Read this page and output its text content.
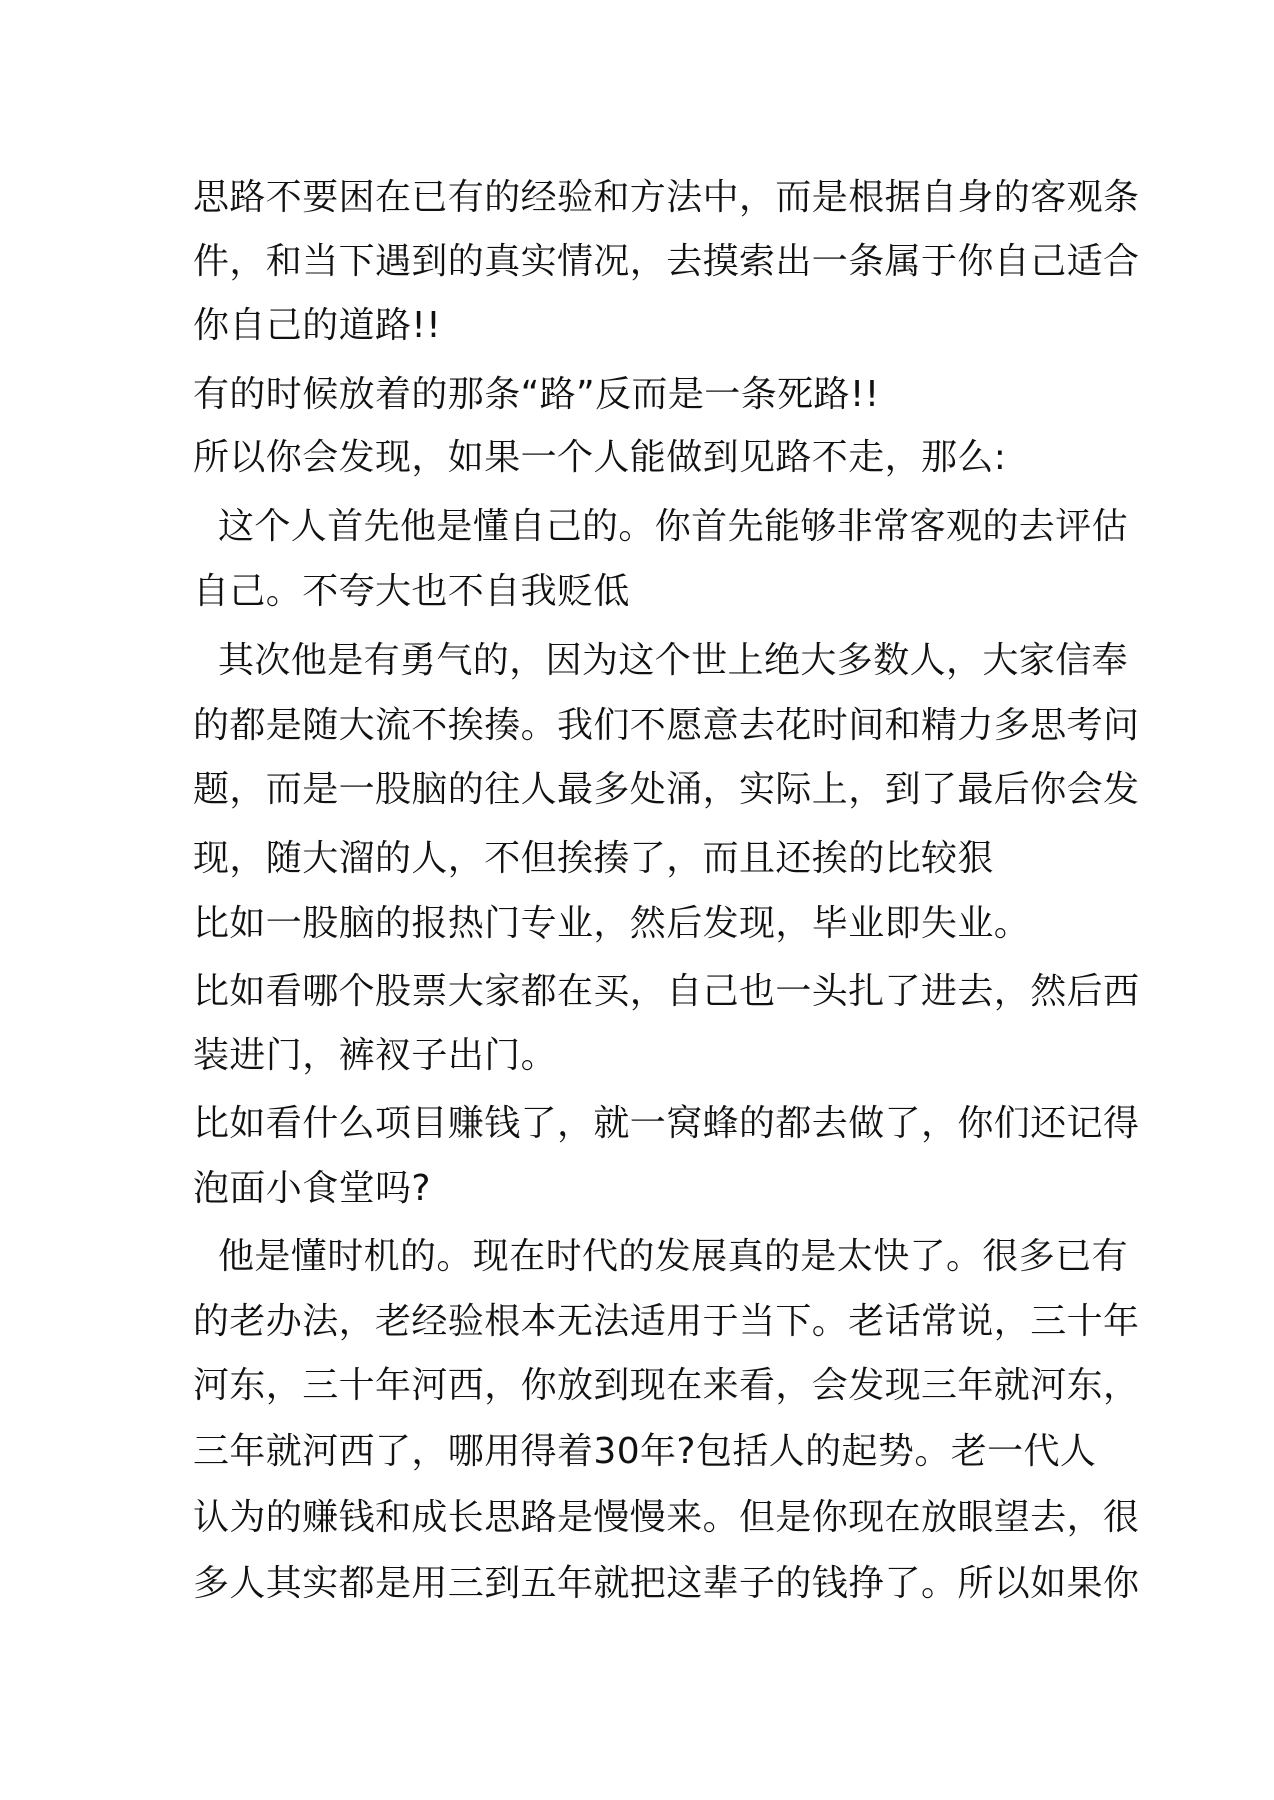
思路不要困在已有的经验和方法中，而是根据自身的客观条
件，和当下遇到的真实情况，去摸索出一条属于你自己适合
你自己的道路!!
有的时候放着的那条“路”反而是一条死路!!
所以你会发现，如果一个人能做到见路不走，那么:
这个人首先他是懂自己的。你首先能够非常客观的去评估
自己。不夸大也不自我贬低
其次他是有勇气的，因为这个世上绝大多数人，大家信奉
的都是随大流不挨揍。我们不愿意去花时间和精力多思考问
题，而是一股脑的往人最多处涌，实际上，到了最后你会发
现，随大溜的人，不但挨揍了，而且还挨的比较狠
比如一股脑的报热门专业，然后发现，毕业即失业。
比如看哪个股票大家都在买，自己也一头扎了进去，然后西
装进门，裤衩子出门。
比如看什么项目赚钱了，就一窝蜂的都去做了，你们还记得
泡面小食堂吗?
他是懂时机的。现在时代的发展真的是太快了。很多已有
的老办法，老经验根本无法适用于当下。老话常说，三十年
河东，三十年河西，你放到现在来看，会发现三年就河东，
三年就河西了，哪用得着30年?包括人的起势。老一代人
认为的赚钱和成长思路是慢慢来。但是你现在放眼望去，很
多人其实都是用三到五年就把这辈子的钱挣了。所以如果你
